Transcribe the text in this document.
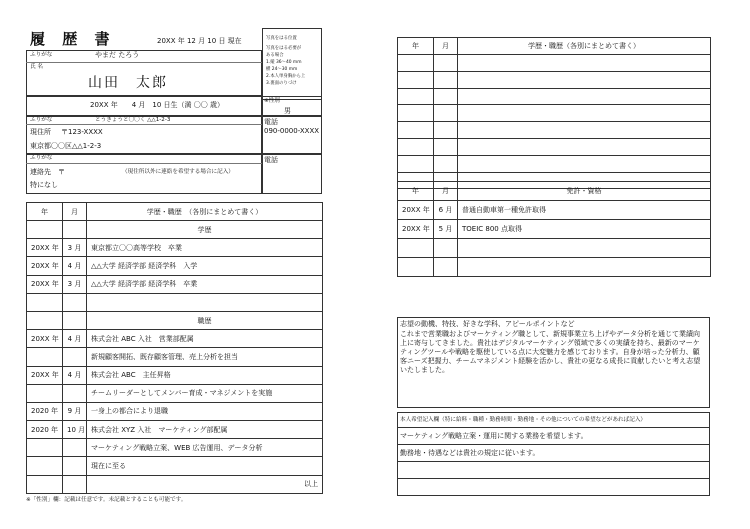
履 歴 書	20XX 年 12 月 10 日 現在	写真をはる位置
写真をはる必要が
ある場合
1.縦 36〜40 mm
横 24〜30 mm
2.本人単身胸から上
3.裏面のりづけ
ふりがな	やまだ たろう
氏 名
山田　太郎
20XX 年　　4 月　10 日生（満 〇〇 歳）	※性別
男
ふりがな	とうきょうと〇〇く △△1-2-3
現住所 〒123-XXXX
東京都〇〇区△△1-2-3
電話
090-0000-XXXX
ふりがな
連絡先　〒	（現住所以外に連絡を希望する場合に記入）
特になし
電話
年	月	学歴・職歴　（各別にまとめて書く）
		学歴
20XX 年	3 月	東京都立〇〇高等学校　卒業
20XX 年	4 月	△△大学 経済学部 経済学科　入学
20XX 年	3 月	△△大学 経済学部 経済学科　卒業

		職歴
20XX 年	4 月	株式会社 ABC 入社　営業部配属
		新規顧客開拓、既存顧客管理、売上分析を担当
20XX 年	4 月	株式会社 ABC　主任昇格
		チームリーダーとしてメンバー育成・マネジメントを実施
2020 年	9 月	一身上の都合により退職
2020 年	10 月	株式会社 XYZ 入社　マーケティング部配属
		マーケティング戦略立案、WEB 広告運用、データ分析
		現在に至る
		以上
※「性別」欄：記載は任意です。未記載とすることも可能です。
年	月	学歴・職歴（各別にまとめて書く）

年	月	免許・資格
20XX 年	6 月	普通自動車第一種免許取得
20XX 年	5 月	TOEIC 800 点取得

志望の動機、特技、好きな学科、アピールポイントなど
これまで営業職およびマーケティング職として、新規事業立ち上げやデータ分析を通じて業績向上に寄与してきました。貴社はデジタルマーケティング領域で多くの実績を持ち、最新のマーケティングツールや戦略を駆使している点に大変魅力を感じております。自身が培った分析力、顧客ニーズ把握力、チームマネジメント経験を活かし、貴社の更なる成長に貢献したいと考え志望いたしました。
本人希望記入欄（特に給料・職種・勤務時間・勤務地・その他についての希望などがあれば記入）
マーケティング戦略立案・運用に関する業務を希望します。
勤務地・待遇などは貴社の規定に従います。
